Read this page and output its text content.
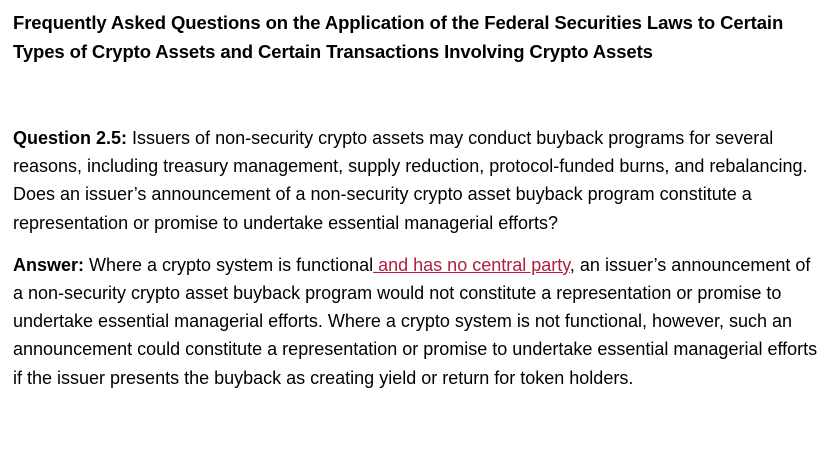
Frequently Asked Questions on the Application of the Federal Securities Laws to Certain Types of Crypto Assets and Certain Transactions Involving Crypto Assets

Question 2.5: Issuers of non-security crypto assets may conduct buyback programs for several reasons, including treasury management, supply reduction, protocol-funded burns, and rebalancing. Does an issuer’s announcement of a non-security crypto asset buyback program constitute a representation or promise to undertake essential managerial efforts?

Answer: Where a crypto system is functional and has no central party, an issuer’s announcement of a non-security crypto asset buyback program would not constitute a representation or promise to undertake essential managerial efforts. Where a crypto system is not functional, however, such an announcement could constitute a representation or promise to undertake essential managerial efforts if the issuer presents the buyback as creating yield or return for token holders.
